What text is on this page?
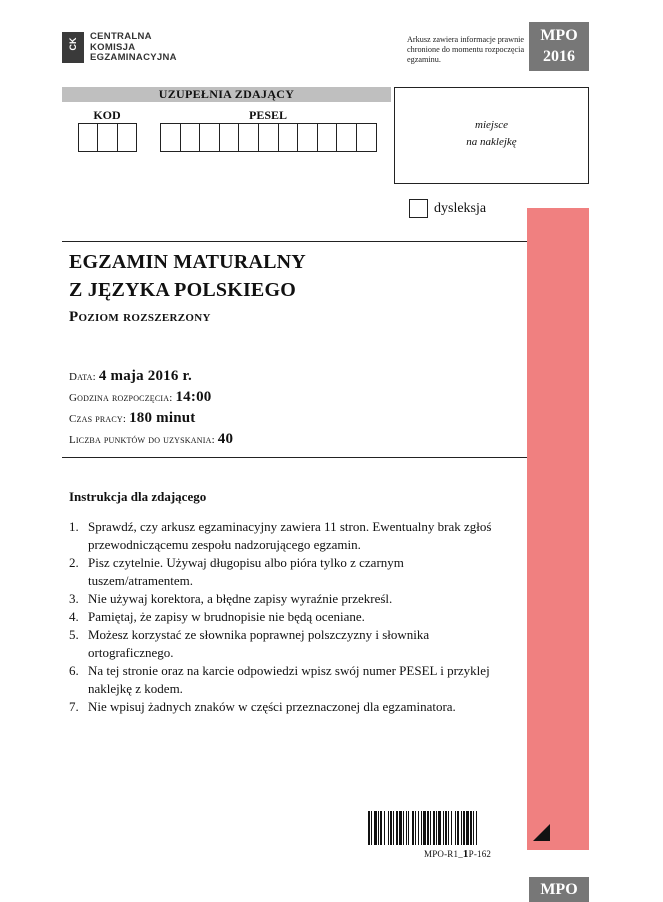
CK
CENTRALNA
KOMISJA
EGZAMINACYJNA
Arkusz zawiera informacje prawnie chronione do momentu rozpoczęcia egzaminu.
MPO
2016
UZUPEŁNIA ZDAJĄCY
KOD	PESEL
miejsce
na naklejkę
dysleksja
EGZAMIN MATURALNY
Z JĘZYKA POLSKIEGO
Poziom rozszerzony
Data: 4 maja 2016 r.
Godzina rozpoczęcia: 14:00
Czas pracy: 180 minut
Liczba punktów do uzyskania: 40
Instrukcja dla zdającego
1. Sprawdź, czy arkusz egzaminacyjny zawiera 11 stron. Ewentualny brak zgłoś przewodniczącemu zespołu nadzorującego egzamin.
2. Pisz czytelnie. Używaj długopisu albo pióra tylko z czarnym tuszem/atramentem.
3. Nie używaj korektora, a błędne zapisy wyraźnie przekreśl.
4. Pamiętaj, że zapisy w brudnopisie nie będą oceniane.
5. Możesz korzystać ze słownika poprawnej polszczyzny i słownika ortograficznego.
6. Na tej stronie oraz na karcie odpowiedzi wpisz swój numer PESEL i przyklej naklejkę z kodem.
7. Nie wpisuj żadnych znaków w części przeznaczonej dla egzaminatora.
MPO-R1_1P-162
MPO
